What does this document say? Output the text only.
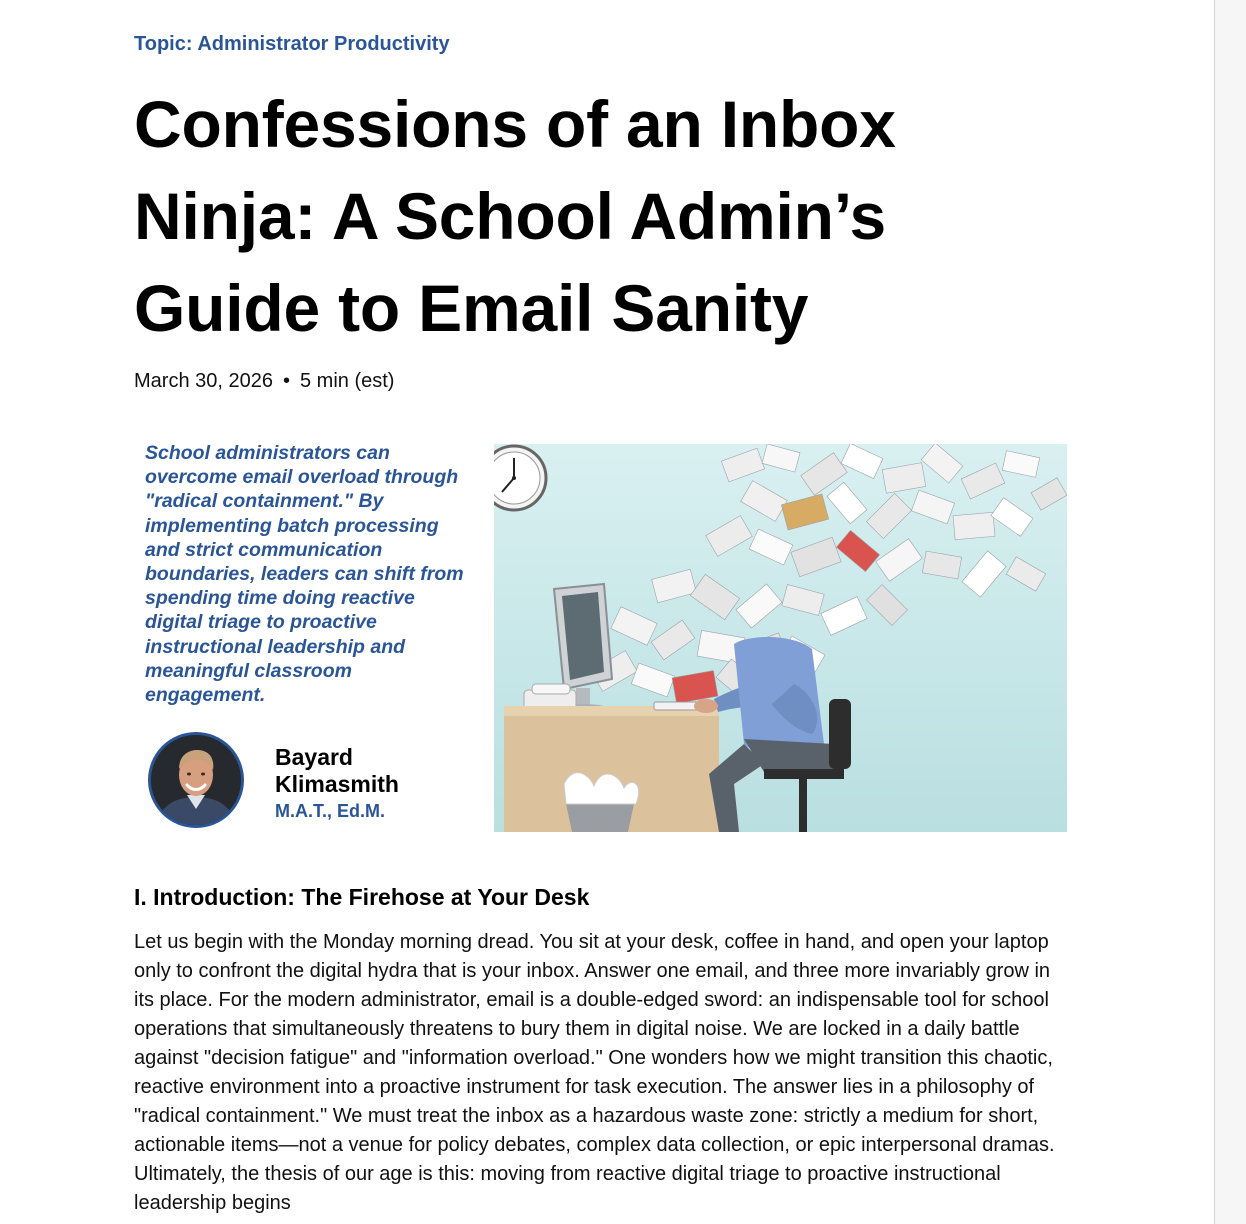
Topic: Administrator Productivity
Confessions of an Inbox Ninja: A School Admin’s Guide to Email Sanity
March 30, 2026 • 5 min (est)

School administrators can overcome email overload through "radical containment." By implementing batch processing and strict communication boundaries, leaders can shift from spending time doing reactive digital triage to proactive instructional leadership and meaningful classroom engagement.

Bayard Klimasmith
M.A.T., Ed.M.
I. Introduction: The Firehose at Your Desk

Let us begin with the Monday morning dread. You sit at your desk, coffee in hand, and open your laptop only to confront the digital hydra that is your inbox. Answer one email, and three more invariably grow in its place. For the modern administrator, email is a double-edged sword: an indispensable tool for school operations that simultaneously threatens to bury them in digital noise. We are locked in a daily battle against "decision fatigue" and "information overload." One wonders how we might transition this chaotic, reactive environment into a proactive instrument for task execution. The answer lies in a philosophy of "radical containment." We must treat the inbox as a hazardous waste zone: strictly a medium for short, actionable items—not a venue for policy debates, complex data collection, or epic interpersonal dramas. Ultimately, the thesis of our age is this: moving from reactive digital triage to proactive instructional leadership begins
